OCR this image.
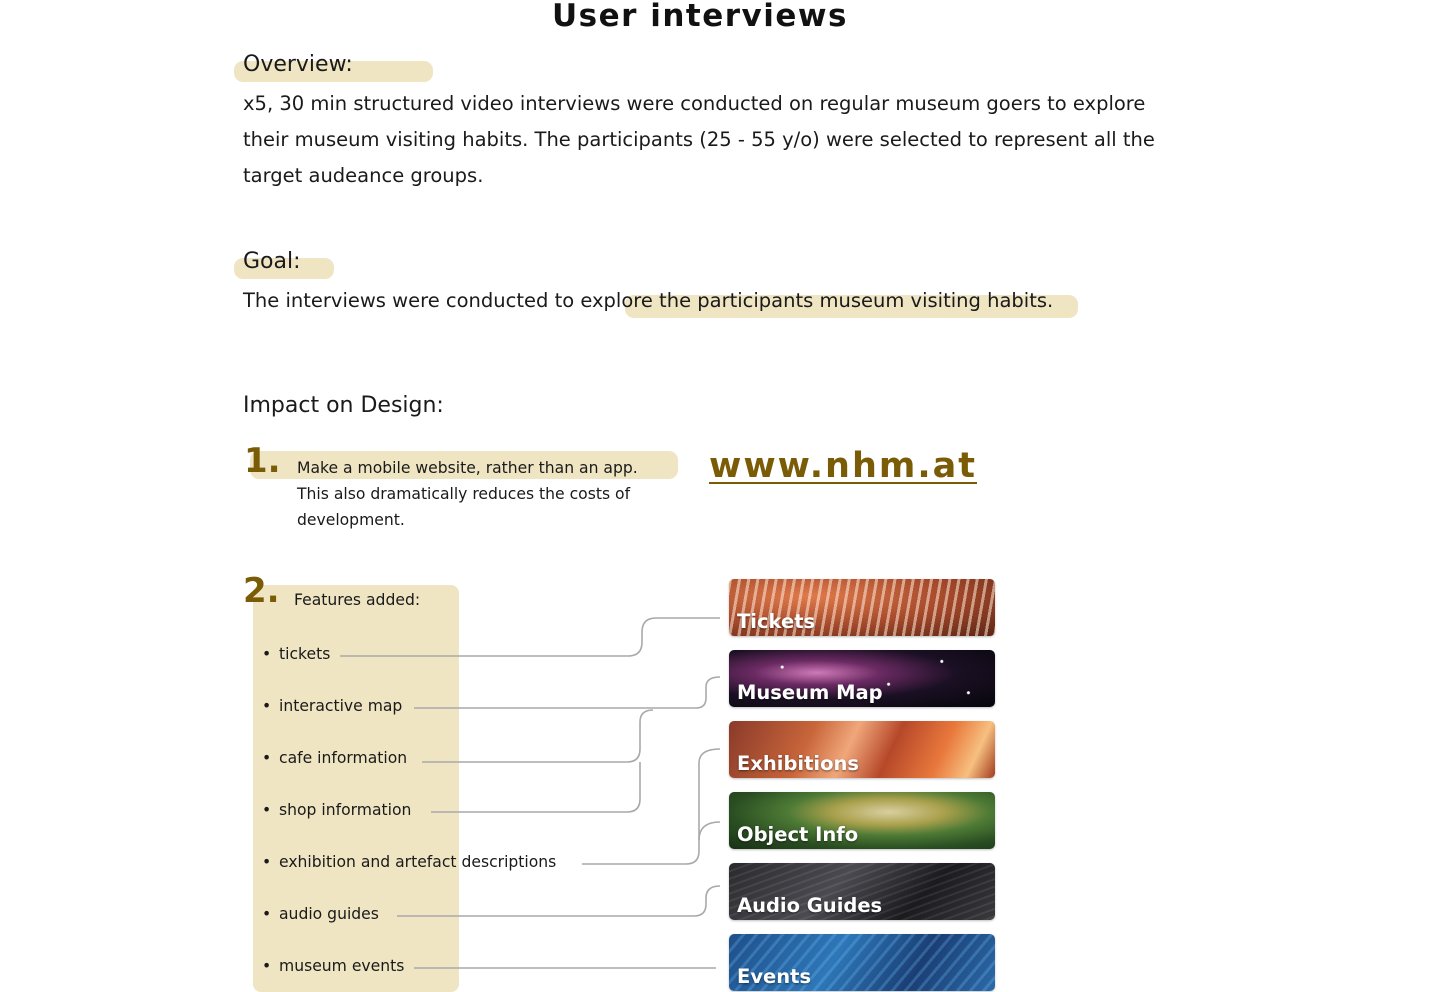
User interviews
Overview:
x5, 30 min structured video interviews were conducted on regular museum goers to explore
their museum visiting habits. The participants (25 - 55 y/o) were selected to represent all the
target audeance groups.
Goal:
The interviews were conducted to explore the participants museum visiting habits.
Impact on Design:
1. Make a mobile website, rather than an app.
This also dramatically reduces the costs of
development.
www.nhm.at
2. Features added:
• tickets
• interactive map
• cafe information
• shop information
• exhibition and artefact descriptions
• audio guides
• museum events
Tickets
Museum Map
Exhibitions
Object Info
Audio Guides
Events
